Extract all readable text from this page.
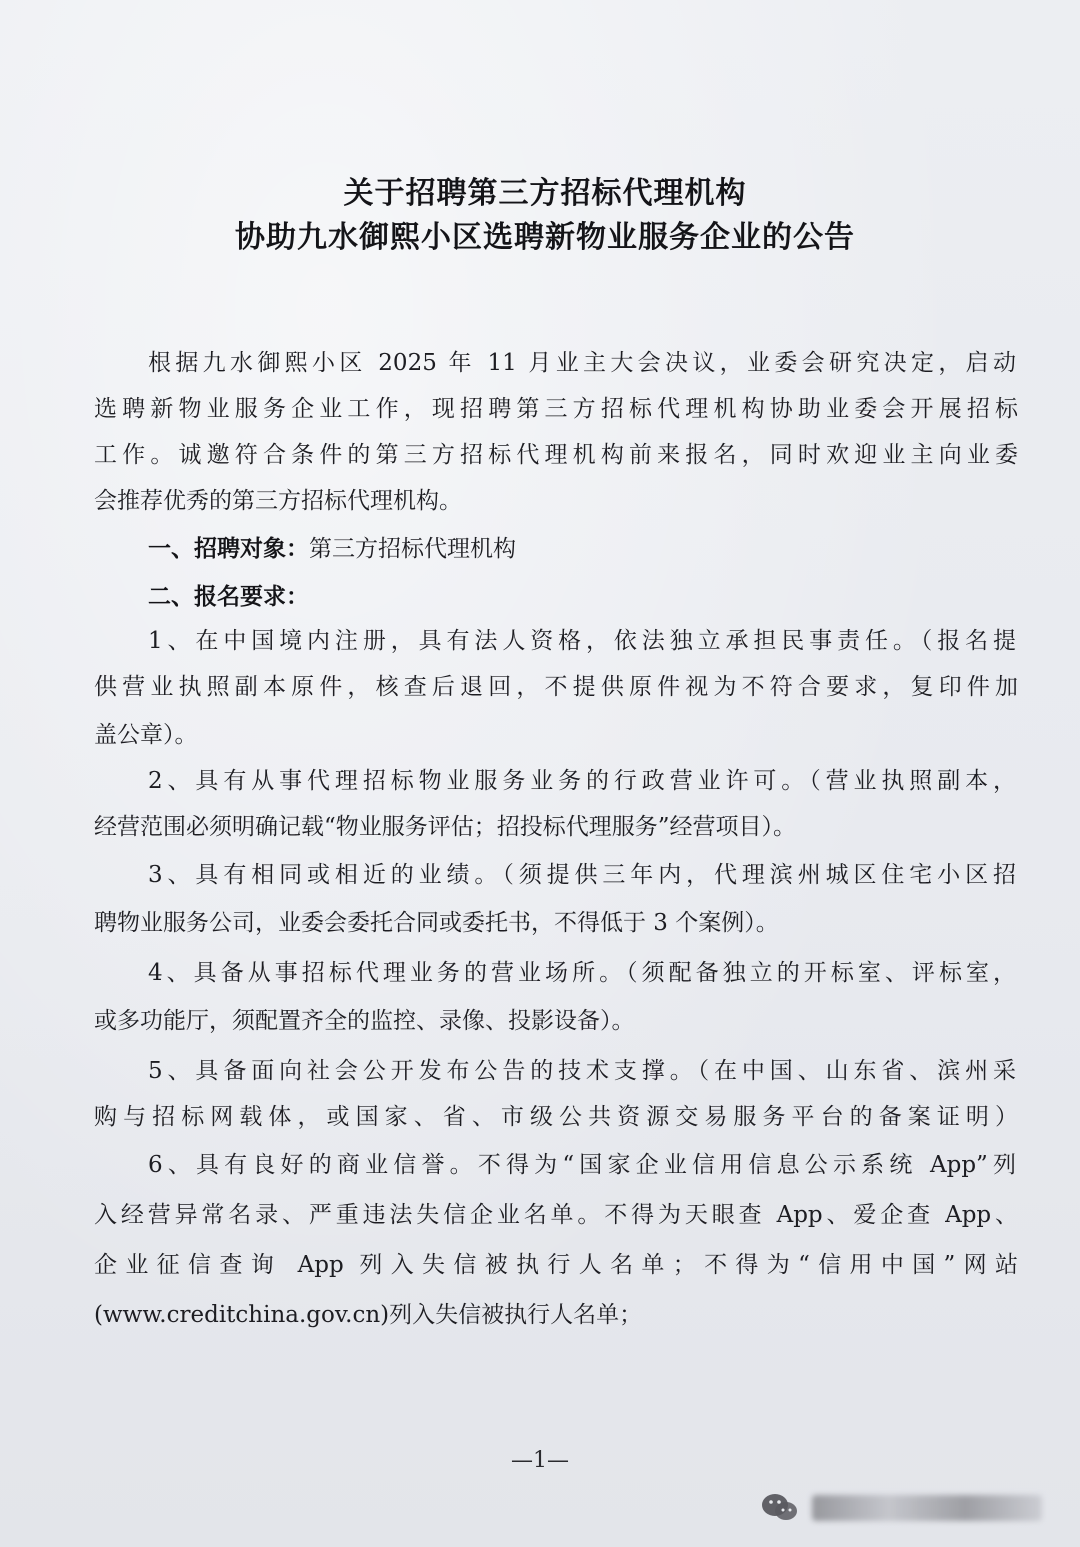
关于招聘第三方招标代理机构
协助九水御熙小区选聘新物业服务企业的公告
根据九水御熙小区 2025 年 11 月业主大会决议，业委会研究决定，启动
选聘新物业服务企业工作，现招聘第三方招标代理机构协助业委会开展招标
工作。诚邀符合条件的第三方招标代理机构前来报名，同时欢迎业主向业委
会推荐优秀的第三方招标代理机构。
一、招聘对象：第三方招标代理机构
二、报名要求：
1、在中国境内注册，具有法人资格，依法独立承担民事责任。（报名提
供营业执照副本原件，核查后退回，不提供原件视为不符合要求，复印件加
盖公章）。
2、具有从事代理招标物业服务业务的行政营业许可。（营业执照副本，
经营范围必须明确记载“物业服务评估；招投标代理服务”经营项目）。
3、具有相同或相近的业绩。（须提供三年内，代理滨州城区住宅小区招
聘物业服务公司，业委会委托合同或委托书，不得低于 3 个案例）。
4、具备从事招标代理业务的营业场所。（须配备独立的开标室、评标室，
或多功能厅，须配置齐全的监控、录像、投影设备）。
5、具备面向社会公开发布公告的技术支撑。（在中国、山东省、滨州采
购与招标网载体，或国家、省、市级公共资源交易服务平台的备案证明）
6、具有良好的商业信誉。不得为“国家企业信用信息公示系统 App”列
入经营异常名录、严重违法失信企业名单。不得为天眼查 App、爱企查 App、
企业征信查询 App 列入失信被执行人名单；不得为“信用中国”网站
(www.creditchina.gov.cn)列入失信被执行人名单；
—1—
